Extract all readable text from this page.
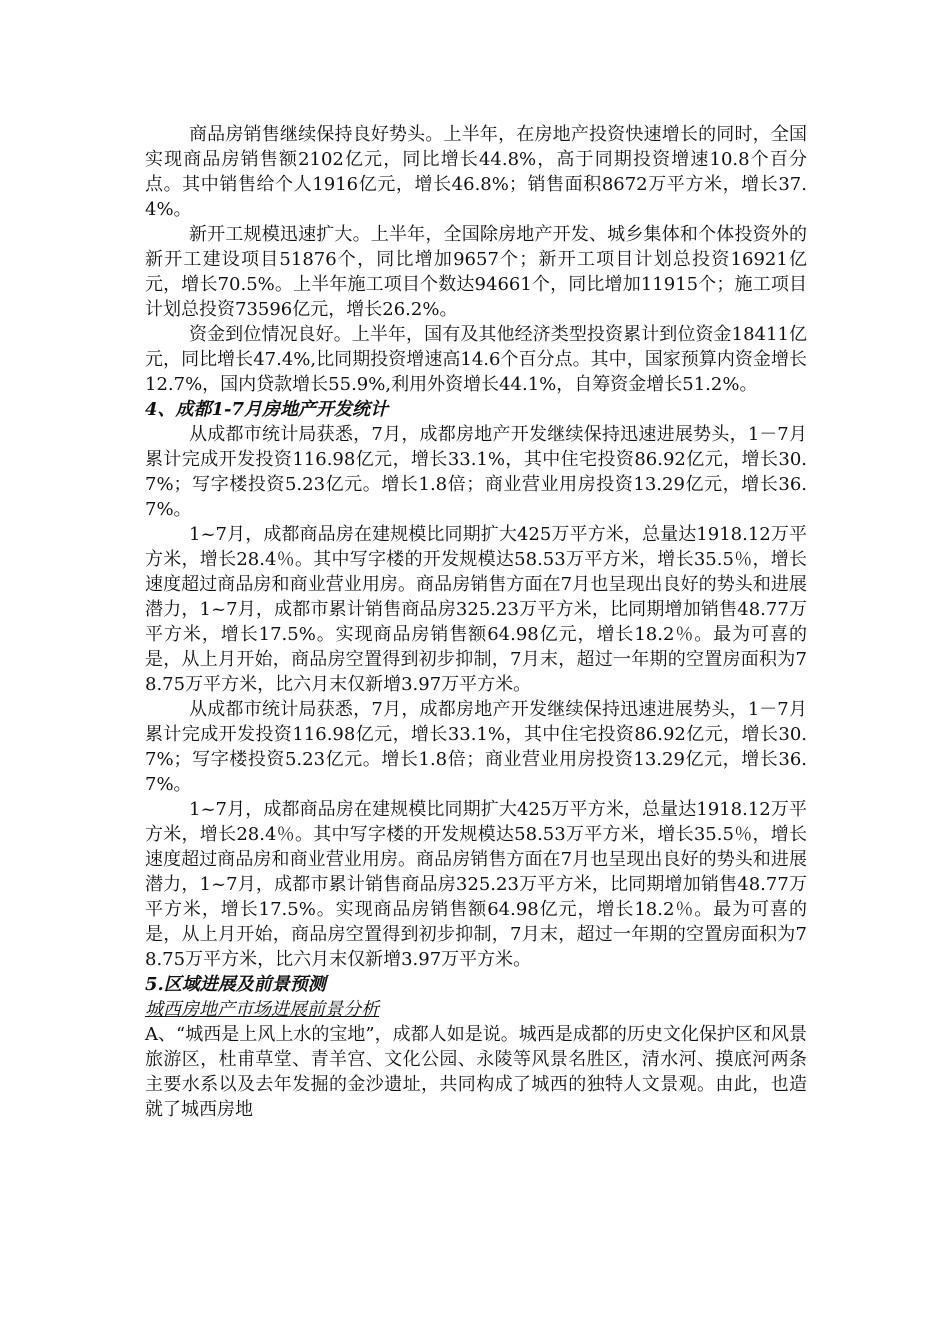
商品房销售继续保持良好势头。上半年，在房地产投资快速增长的同时，全国实现商品房销售额2102亿元，同比增长44.8%，高于同期投资增速10.8个百分点。其中销售给个人1916亿元，增长46.8%；销售面积8672万平方米，增长37.4%。

新开工规模迅速扩大。上半年，全国除房地产开发、城乡集体和个体投资外的新开工建设项目51876个，同比增加9657个；新开工项目计划总投资16921亿元，增长70.5%。上半年施工项目个数达94661个，同比增加11915个；施工项目计划总投资73596亿元，增长26.2%。

资金到位情况良好。上半年，国有及其他经济类型投资累计到位资金18411亿元，同比增长47.4%,比同期投资增速高14.6个百分点。其中，国家预算内资金增长12.7%，国内贷款增长55.9%,利用外资增长44.1%，自筹资金增长51.2%。

4、成都1-7月房地产开发统计

从成都市统计局获悉，7月，成都房地产开发继续保持迅速进展势头，1－7月累计完成开发投资116.98亿元，增长33.1%，其中住宅投资86.92亿元，增长30.7%；写字楼投资5.23亿元。增长1.8倍；商业营业用房投资13.29亿元，增长36.7%。

1~7月，成都商品房在建规模比同期扩大425万平方米，总量达1918.12万平方米，增长28.4％。其中写字楼的开发规模达58.53万平方米，增长35.5％，增长速度超过商品房和商业营业用房。商品房销售方面在7月也呈现出良好的势头和进展潜力，1~7月，成都市累计销售商品房325.23万平方米，比同期增加销售48.77万平方米，增长17.5%。实现商品房销售额64.98亿元，增长18.2％。最为可喜的是，从上月开始，商品房空置得到初步抑制，7月末，超过一年期的空置房面积为78.75万平方米，比六月末仅新增3.97万平方米。

从成都市统计局获悉，7月，成都房地产开发继续保持迅速进展势头，1－7月累计完成开发投资116.98亿元，增长33.1%，其中住宅投资86.92亿元，增长30.7%；写字楼投资5.23亿元。增长1.8倍；商业营业用房投资13.29亿元，增长36.7%。

1~7月，成都商品房在建规模比同期扩大425万平方米，总量达1918.12万平方米，增长28.4％。其中写字楼的开发规模达58.53万平方米，增长35.5％，增长速度超过商品房和商业营业用房。商品房销售方面在7月也呈现出良好的势头和进展潜力，1~7月，成都市累计销售商品房325.23万平方米，比同期增加销售48.77万平方米，增长17.5%。实现商品房销售额64.98亿元，增长18.2％。最为可喜的是，从上月开始，商品房空置得到初步抑制，7月末，超过一年期的空置房面积为78.75万平方米，比六月末仅新增3.97万平方米。

5.区域进展及前景预测

城西房地产市场进展前景分析

A、“城西是上风上水的宝地”，成都人如是说。城西是成都的历史文化保护区和风景旅游区，杜甫草堂、青羊宫、文化公园、永陵等风景名胜区，清水河、摸底河两条主要水系以及去年发掘的金沙遗址，共同构成了城西的独特人文景观。由此，也造就了城西房地
